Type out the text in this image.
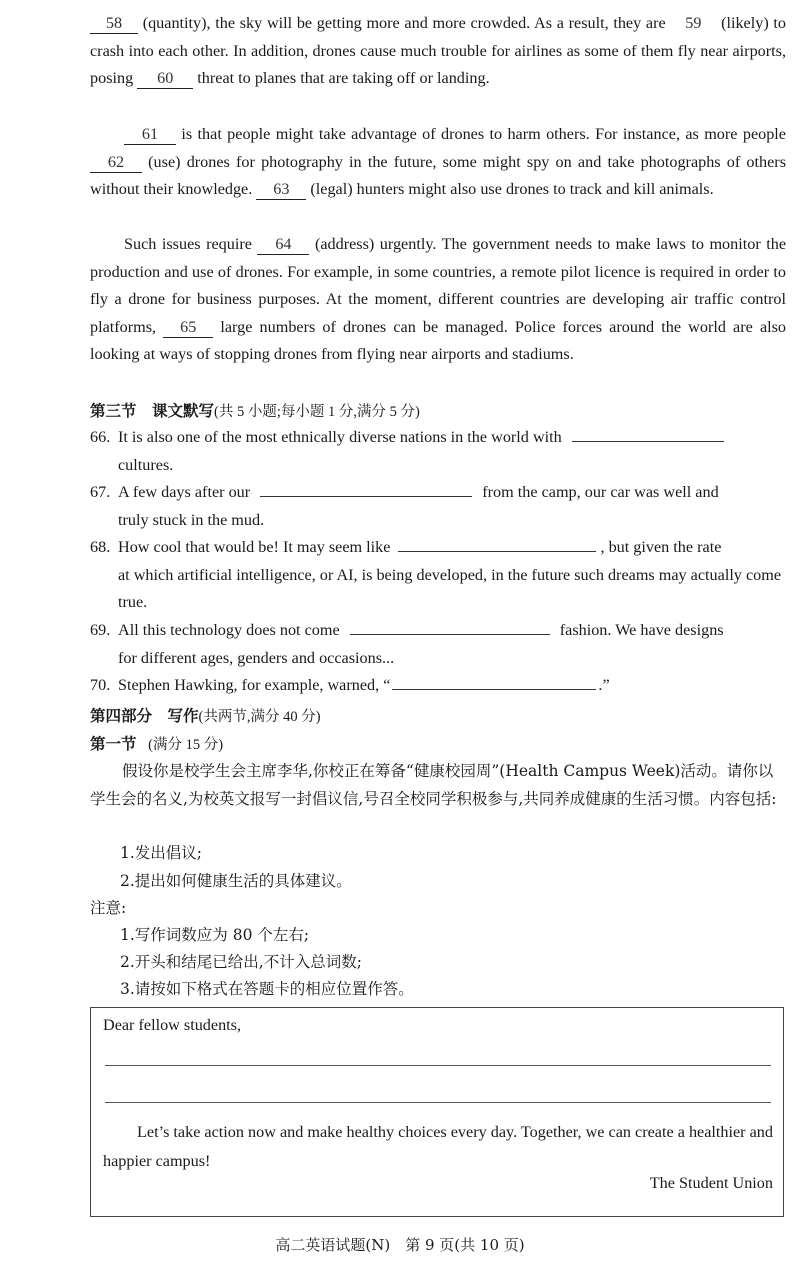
58 (quantity), the sky will be getting more and more crowded. As a result, they are 59 (likely) to crash into each other. In addition, drones cause much trouble for airlines as some of them fly near airports, posing 60 threat to planes that are taking off or landing.

61 is that people might take advantage of drones to harm others. For instance, as more people 62 (use) drones for photography in the future, some might spy on and take photographs of others without their knowledge. 63 (legal) hunters might also use drones to track and kill animals.

Such issues require 64 (address) urgently. The government needs to make laws to monitor the production and use of drones. For example, in some countries, a remote pilot licence is required in order to fly a drone for business purposes. At the moment, different countries are developing air traffic control platforms, 65 large numbers of drones can be managed. Police forces around the world are also looking at ways of stopping drones from flying near airports and stadiums.

第三节 课文默写(共 5 小题;每小题 1 分,满分 5 分)
66. It is also one of the most ethnically diverse nations in the world with
cultures.
67. A few days after our	from the camp, our car was well and
truly stuck in the mud.
68. How cool that would be! It may seem like	, but given the rate
at which artificial intelligence, or AI, is being developed, in the future such dreams may actually come true.
69. All this technology does not come	fashion. We have designs
for different ages, genders and occasions...
70. Stephen Hawking, for example, warned, “	.”
第四部分 写作(共两节,满分 40 分)
第一节 (满分 15 分)

假设你是校学生会主席李华,你校正在筹备“健康校园周”(Health Campus Week)活动。请你以学生会的名义,为校英文报写一封倡议信,号召全校同学积极参与,共同养成健康的生活习惯。内容包括:

1.发出倡议;

2.提出如何健康生活的具体建议。

注意:

1.写作词数应为 80 个左右;

2.开头和结尾已给出,不计入总词数;

3.请按如下格式在答题卡的相应位置作答。

Dear fellow students,
Let’s take action now and make healthy choices every day. Together, we can create a healthier and happier campus!
The Student Union
高二英语试题(N)　第 9 页(共 10 页)
